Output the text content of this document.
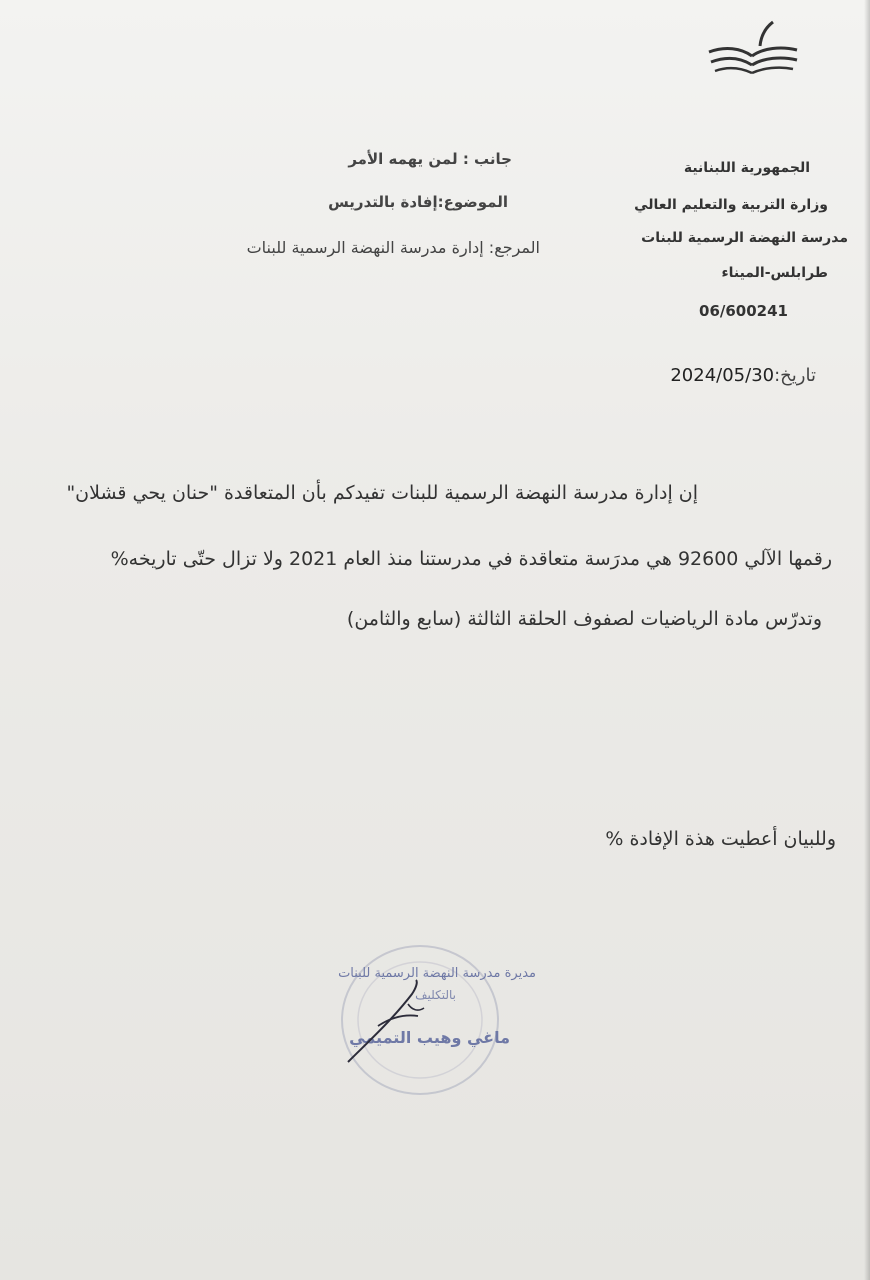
الجمهورية اللبنانية
وزارة التربية والتعليم العالي
مدرسة النهضة الرسمية للبنات
طرابلس-الميناء
06/600241
جانب : لمن يهمه الأمر
الموضوع:إفادة بالتدريس
المرجع: إدارة مدرسة النهضة الرسمية للبنات
تاريخ:2024/05/30
إن إدارة مدرسة النهضة الرسمية للبنات تفيدكم بأن المتعاقدة "حنان يحي قشلان"
رقمها الآلي 92600 هي مدرَسة متعاقدة في مدرستنا منذ العام 2021 ولا تزال حتّى تاريخه%
وتدرّس مادة الرياضيات لصفوف الحلقة الثالثة (سابع والثامن)
وللبيان أعطيت هذة الإفادة %
مديرة مدرسة النهضة الرسمية للبنات
بالتكليف
ماغي وهيب التميمي
